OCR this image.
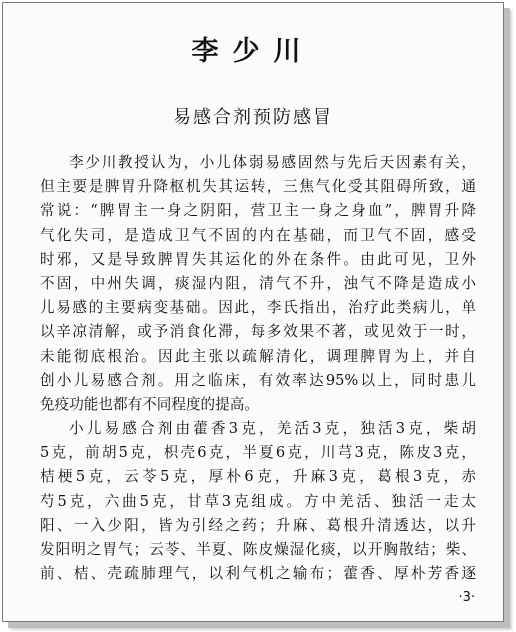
李少川
易感合剂预防感冒
李少川教授认为，小儿体弱易感固然与先后天因素有关，
但主要是脾胃升降枢机失其运转，三焦气化受其阻碍所致，通
常说：“脾胃主一身之阴阳，营卫主一身之身血”，脾胃升降
气化失司，是造成卫气不固的内在基础，而卫气不固，感受
时邪，又是导致脾胃失其运化的外在条件。由此可见，卫外
不固，中州失调，痰湿内阻，清气不升，浊气不降是造成小
儿易感的主要病变基础。因此，李氏指出，治疗此类病儿，单
以辛凉清解，或予消食化滞，每多效果不著，或见效于一时，
未能彻底根治。因此主张以疏解清化，调理脾胃为上，并自
创小儿易感合剂。用之临床，有效率达95%以上，同时患儿
免疫功能也都有不同程度的提高。
小儿易感合剂由藿香3克，羌活3克，独活3克，柴胡
5克，前胡5克，枳壳6克，半夏6克，川芎3克，陈皮3克，
桔梗5克，云苓5克，厚朴6克，升麻3克，葛根3克，赤
芍5克，六曲5克，甘草3克组成。方中羌活、独活一走太
阳、一入少阳，皆为引经之药；升麻、葛根升清透达，以升
发阳明之胃气；云苓、半夏、陈皮燥湿化痰，以开胸散结；柴、
前、桔、壳疏肺理气，以利气机之输布；藿香、厚朴芳香逐
·3·
